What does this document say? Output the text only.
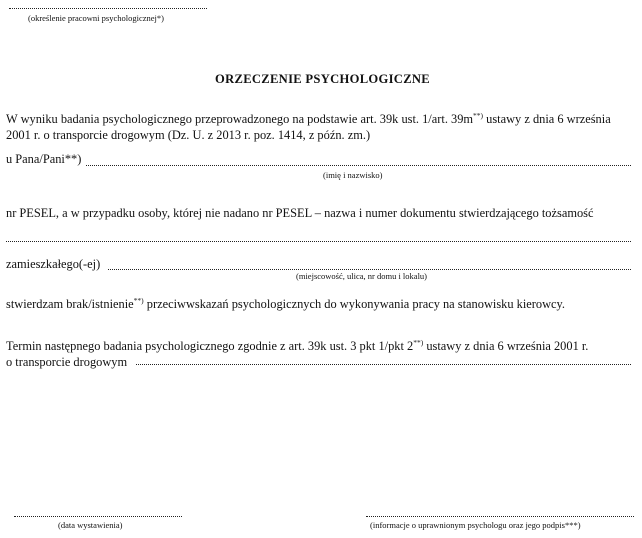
(określenie pracowni psychologicznej*)
ORZECZENIE PSYCHOLOGICZNE
W wyniku badania psychologicznego przeprowadzonego na podstawie art. 39k ust. 1/art. 39m**) ustawy z dnia 6 września
2001 r. o transporcie drogowym (Dz. U. z 2013 r. poz. 1414, z późn. zm.)
u Pana/Pani**)
(imię i nazwisko)
nr PESEL, a w przypadku osoby, której nie nadano nr PESEL – nazwa i numer dokumentu stwierdzającego tożsamość
zamieszkałego(-ej)
(miejscowość, ulica, nr domu i lokalu)
stwierdzam brak/istnienie**) przeciwwskazań psychologicznych do wykonywania pracy na stanowisku kierowcy.
Termin następnego badania psychologicznego zgodnie z art. 39k ust. 3 pkt 1/pkt 2**) ustawy z dnia 6 września 2001 r.
o transporcie drogowym
(data wystawienia)	(informacje o uprawnionym psychologu oraz jego podpis***)
